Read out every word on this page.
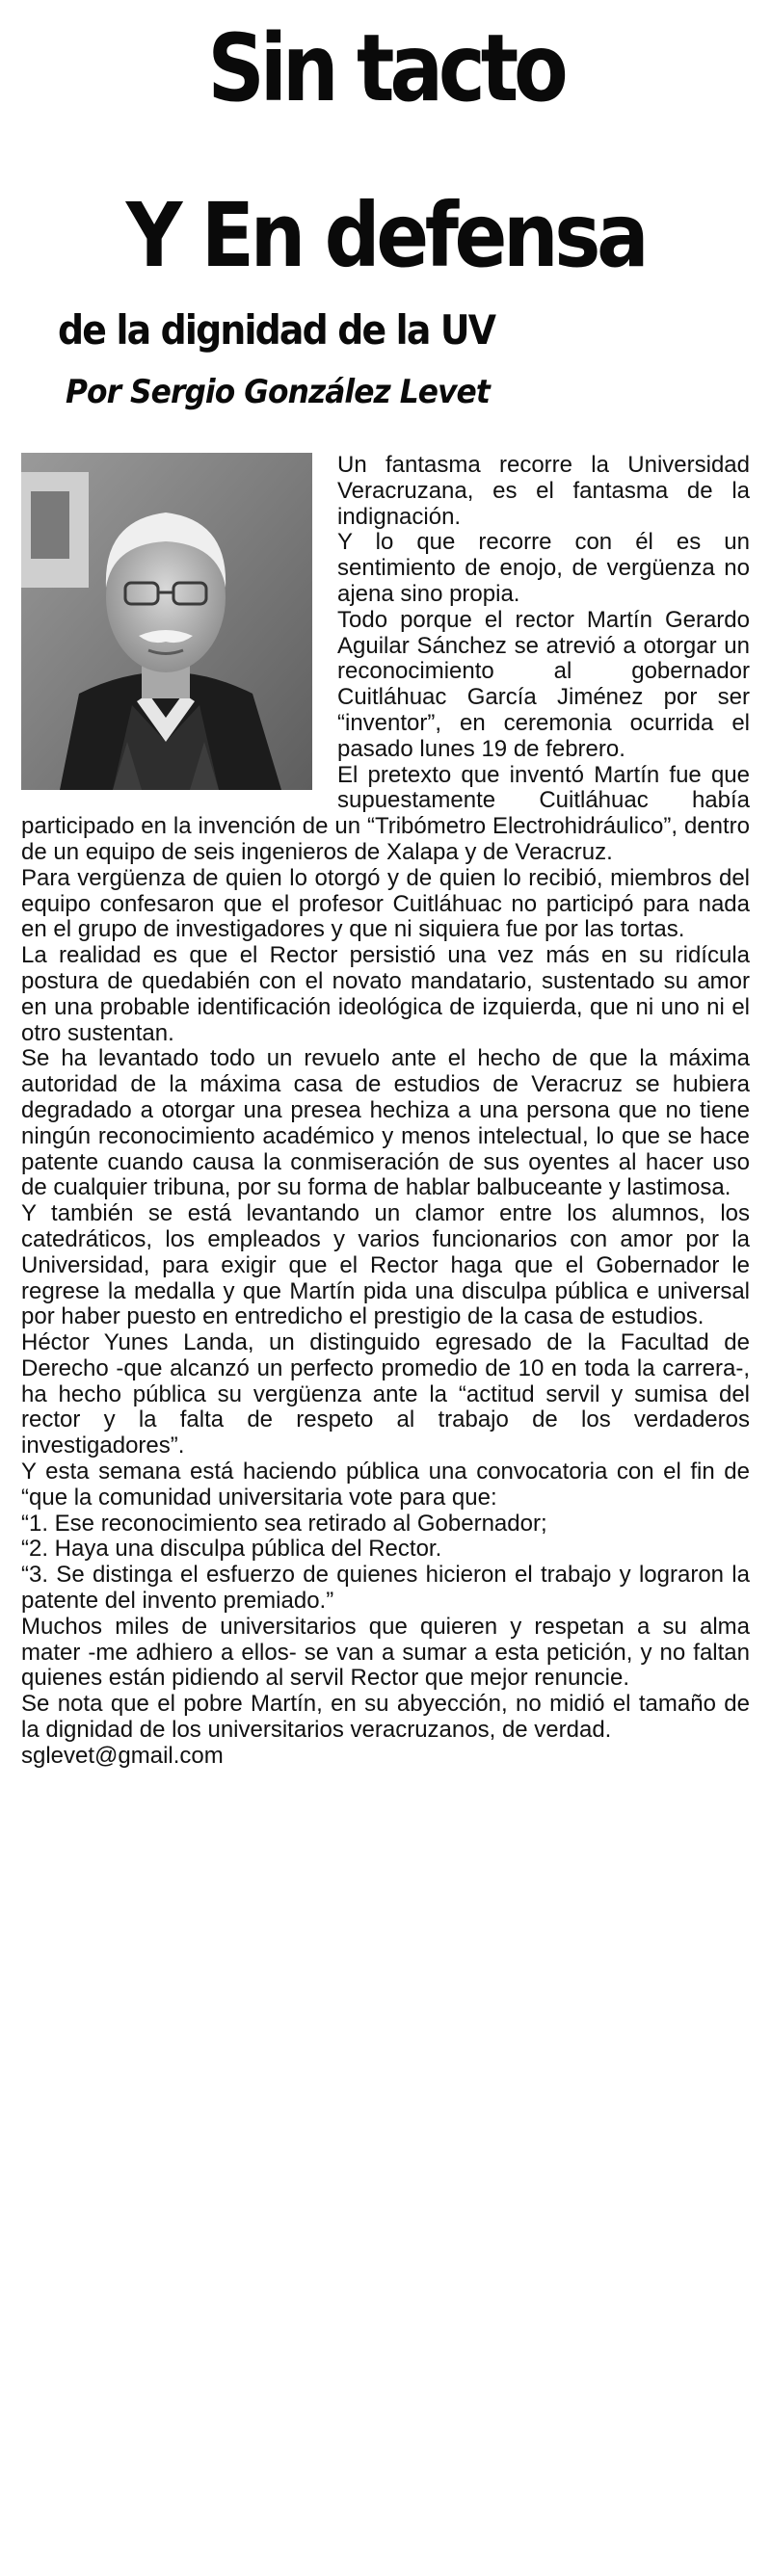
Sin tacto
Y En defensa
de la dignidad de la UV
Por Sergio González Levet

Un fantasma recorre la Universidad Veracruzana, es el fantasma de la indignación.

Y lo que recorre con él es un sentimiento de enojo, de vergüenza no ajena sino propia.

Todo porque el rector Martín Gerardo Aguilar Sánchez se atrevió a otorgar un reconocimiento al gobernador Cuitláhuac García Jiménez por ser “inventor”, en ceremonia ocurrida el pasado lunes 19 de febrero.

El pretexto que inventó Martín fue que supuestamente Cuitláhuac había participado en la invención de un “Tribómetro Electrohidráulico”, dentro de un equipo de seis ingenieros de Xalapa y de Veracruz.

Para vergüenza de quien lo otorgó y de quien lo recibió, miembros del equipo confesaron que el profesor Cuitláhuac no participó para nada en el grupo de investigadores y que ni siquiera fue por las tortas.

La realidad es que el Rector persistió una vez más en su ridícula postura de quedabién con el novato mandatario, sustentado su amor en una probable identificación ideológica de izquierda, que ni uno ni el otro sustentan.

Se ha levantado todo un revuelo ante el hecho de que la máxima autoridad de la máxima casa de estudios de Veracruz se hubiera degradado a otorgar una presea hechiza a una persona que no tiene ningún reconocimiento académico y menos intelectual, lo que se hace patente cuando causa la conmiseración de sus oyentes al hacer uso de cualquier tribuna, por su forma de hablar balbuceante y lastimosa.

Y también se está levantando un clamor entre los alumnos, los catedráticos, los empleados y varios funcionarios con amor por la Universidad, para exigir que el Rector haga que el Gobernador le regrese la medalla y que Martín pida una disculpa pública e universal por haber puesto en entredicho el prestigio de la casa de estudios.

Héctor Yunes Landa, un distinguido egresado de la Facultad de Derecho -que alcanzó un perfecto promedio de 10 en toda la carrera-, ha hecho pública su vergüenza ante la “actitud servil y sumisa del rector y la falta de respeto al trabajo de los verdaderos investigadores”.

Y esta semana está haciendo pública una convocatoria con el fin de “que la comunidad universitaria vote para que:

“1. Ese reconocimiento sea retirado al Gobernador;

“2. Haya una disculpa pública del Rector.

“3. Se distinga el esfuerzo de quienes hicieron el trabajo y lograron la patente del invento premiado.”

Muchos miles de universitarios que quieren y respetan a su alma mater -me adhiero a ellos- se van a sumar a esta petición, y no faltan quienes están pidiendo al servil Rector que mejor renuncie.

Se nota que el pobre Martín, en su abyección, no midió el tamaño de la dignidad de los universitarios veracruzanos, de verdad.

sglevet@gmail.com
